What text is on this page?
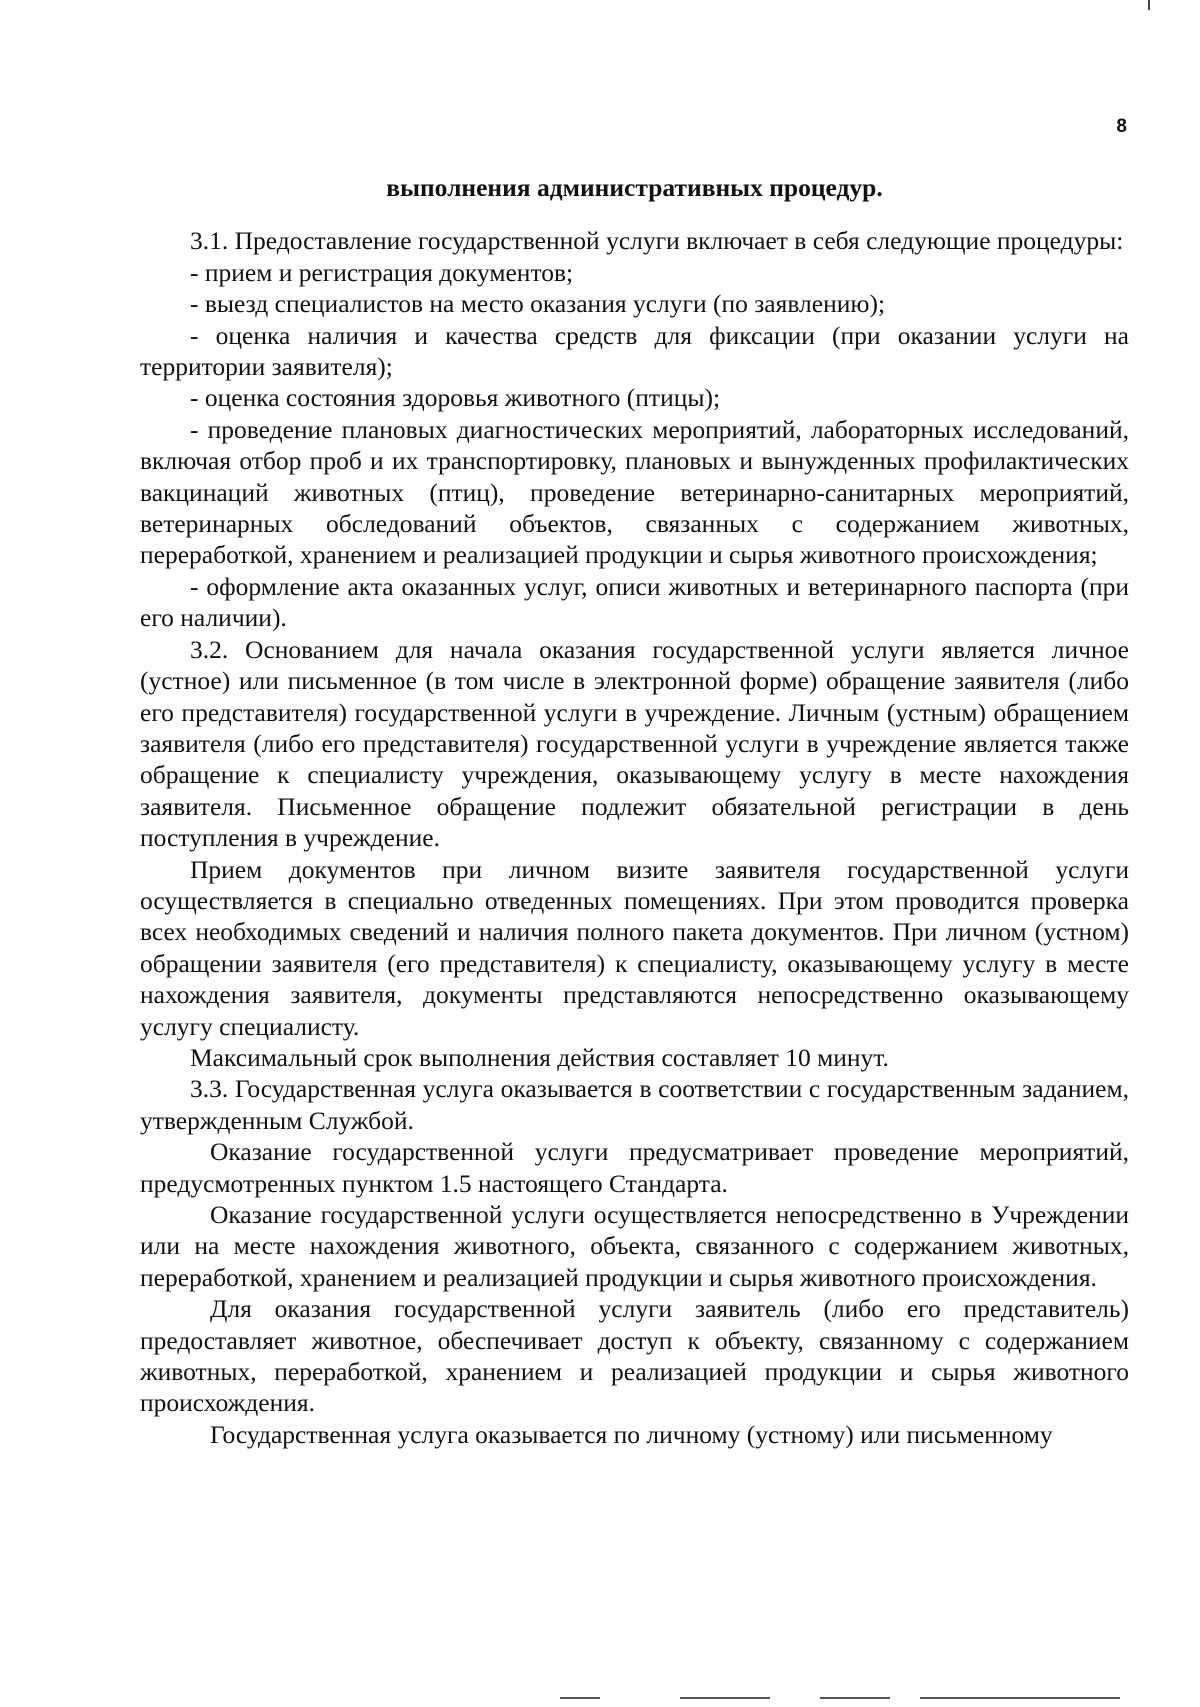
8

выполнения административных процедур.

3.1. Предоставление государственной услуги включает в себя следующие процедуры:

- прием и регистрация документов;

- выезд специалистов на место оказания услуги (по заявлению);

- оценка наличия и качества средств для фиксации (при оказании услуги на территории заявителя);

- оценка состояния здоровья животного (птицы);

- проведение плановых диагностических мероприятий, лабораторных исследований, включая отбор проб и их транспортировку, плановых и вынужденных профилактических вакцинаций животных (птиц), проведение ветеринарно-санитарных мероприятий, ветеринарных обследований объектов, связанных с содержанием животных, переработкой, хранением и реализацией продукции и сырья животного происхождения;

- оформление акта оказанных услуг, описи животных и ветеринарного паспорта (при его наличии).

3.2. Основанием для начала оказания государственной услуги является личное (устное) или письменное (в том числе в электронной форме) обращение заявителя (либо его представителя) государственной услуги в учреждение. Личным (устным) обращением заявителя (либо его представителя) государственной услуги в учреждение является также обращение к специалисту учреждения, оказывающему услугу в месте нахождения заявителя. Письменное обращение подлежит обязательной регистрации в день поступления в учреждение.

Прием документов при личном визите заявителя государственной услуги осуществляется в специально отведенных помещениях. При этом проводится проверка всех необходимых сведений и наличия полного пакета документов. При личном (устном) обращении заявителя (его представителя) к специалисту, оказывающему услугу в месте нахождения заявителя, документы представляются непосредственно оказывающему услугу специалисту.

Максимальный срок выполнения действия составляет 10 минут.

3.3. Государственная услуга оказывается в соответствии с государственным заданием, утвержденным Службой.

Оказание государственной услуги предусматривает проведение мероприятий, предусмотренных пунктом 1.5 настоящего Стандарта.

Оказание государственной услуги осуществляется непосредственно в Учреждении или на месте нахождения животного, объекта, связанного с содержанием животных, переработкой, хранением и реализацией продукции и сырья животного происхождения.

Для оказания государственной услуги заявитель (либо его представитель) предоставляет животное, обеспечивает доступ к объекту, связанному с содержанием животных, переработкой, хранением и реализацией продукции и сырья животного происхождения.

Государственная услуга оказывается по личному (устному) или письменному
